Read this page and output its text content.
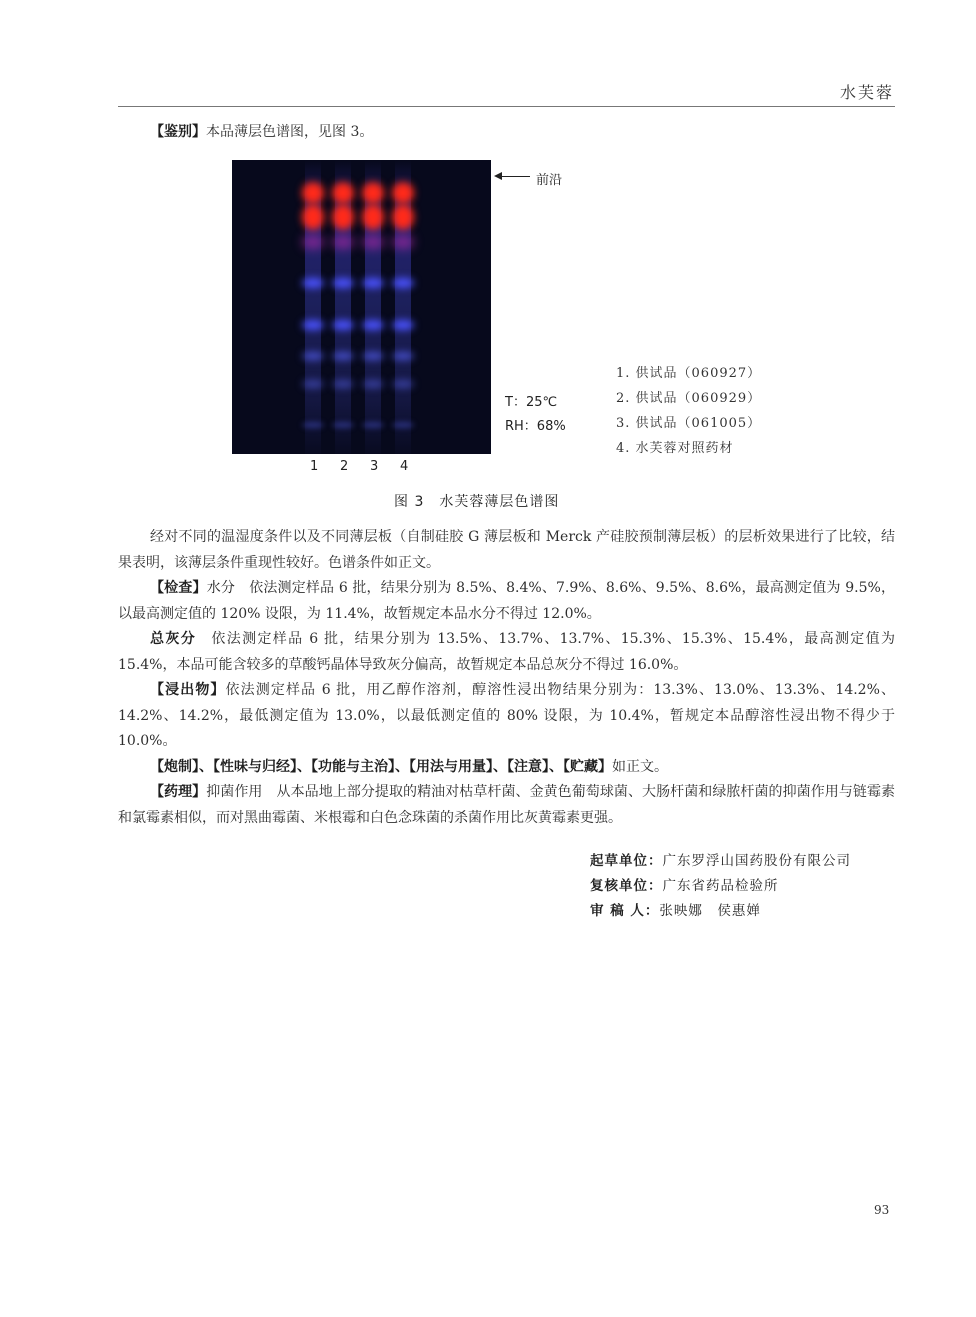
水芙蓉
【鉴别】本品薄层色谱图，见图 3。
前沿
T：25℃
RH：68%
1. 供试品（060927）
2. 供试品（060929）
3. 供试品（061005）
4. 水芙蓉对照药材
1 2 3 4
图 3　水芙蓉薄层色谱图
经对不同的温湿度条件以及不同薄层板（自制硅胶 G 薄层板和 Merck 产硅胶预制薄层板）的层析效果进行了比较，结果表明，该薄层条件重现性较好。色谱条件如正文。
【检查】水分　依法测定样品 6 批，结果分别为 8.5%、8.4%、7.9%、8.6%、9.5%、8.6%，最高测定值为 9.5%，以最高测定值的 120% 设限，为 11.4%，故暂规定本品水分不得过 12.0%。
总灰分　依法测定样品 6 批，结果分别为 13.5%、13.7%、13.7%、15.3%、15.3%、15.4%，最高测定值为 15.4%，本品可能含较多的草酸钙晶体导致灰分偏高，故暂规定本品总灰分不得过 16.0%。
【浸出物】依法测定样品 6 批，用乙醇作溶剂，醇溶性浸出物结果分别为：13.3%、13.0%、13.3%、14.2%、14.2%、14.2%，最低测定值为 13.0%，以最低测定值的 80% 设限，为 10.4%，暂规定本品醇溶性浸出物不得少于 10.0%。
【炮制】、【性味与归经】、【功能与主治】、【用法与用量】、【注意】、【贮藏】如正文。
【药理】抑菌作用　从本品地上部分提取的精油对枯草杆菌、金黄色葡萄球菌、大肠杆菌和绿脓杆菌的抑菌作用与链霉素和氯霉素相似，而对黑曲霉菌、米根霉和白色念珠菌的杀菌作用比灰黄霉素更强。
起草单位：广东罗浮山国药股份有限公司
复核单位：广东省药品检验所
审 稿 人：张映娜　侯惠婵
93
